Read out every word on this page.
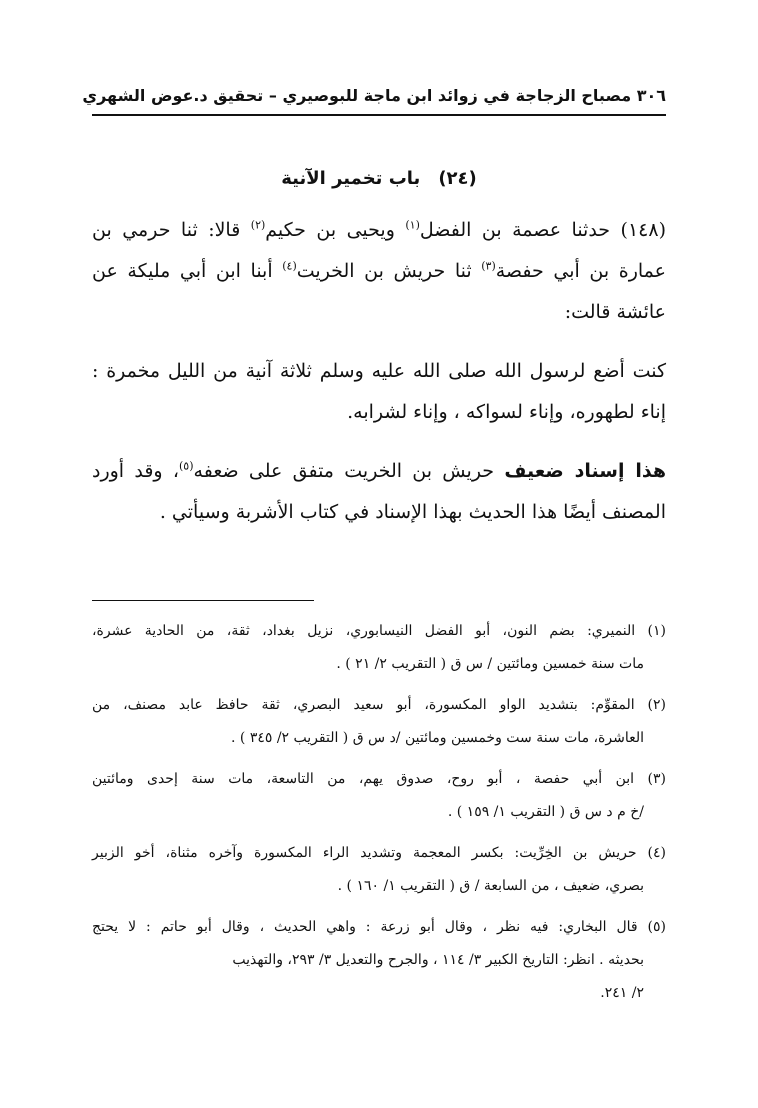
٣٠٦ مصباح الزجاجة في زوائد ابن ماجة للبوصيري – تحقيق د.عوض الشهري
(٢٤)باب تخمير الآنية

(١٤٨) حدثنا عصمة بن الفضل$^{(١)}$ ويحيى بن حكيم$^{(٢)}$ قالا: ثنا حرمي بن عمارة بن أبي حفصة$^{(٣)}$ ثنا حريش بن الخريت$^{(٤)}$ أبنا ابن أبي مليكة عن عائشة قالت:

كنت أضع لرسول الله صلى الله عليه وسلم ثلاثة آنية من الليل مخمرة : إناء لطهوره، وإناء لسواكه ، وإناء لشرابه.

هذا إسناد ضعيف حريش بن الخريت متفق على ضعفه$^{(٥)}$، وقد أورد المصنف أيضًا هذا الحديث بهذا الإسناد في كتاب الأشربة وسيأتي .

(١) النميري: بضم النون، أبو الفضل النيسابوري، نزيل بغداد، ثقة، من الحادية عشرة،
مات سنة خمسين ومائتين / س ق ( التقريب ٢/ ٢١ ) .
(٢) المقوِّم: بتشديد الواو المكسورة، أبو سعيد البصري، ثقة حافظ عابد مصنف، من
العاشرة، مات سنة ست وخمسين ومائتين /د س ق ( التقريب ٢/ ٣٤٥ ) .
(٣) ابن أبي حفصة ، أبو روح، صدوق يهم، من التاسعة، مات سنة إحدى ومائتين
/خ م د س ق ( التقريب ١/ ١٥٩ ) .
(٤) حريش بن الخِرِّيت: بكسر المعجمة وتشديد الراء المكسورة وآخره مثناة، أخو الزبير
بصري، ضعيف ، من السابعة / ق ( التقريب ١/ ١٦٠ ) .
(٥) قال البخاري: فيه نظر ، وقال أبو زرعة : واهي الحديث ، وقال أبو حاتم : لا يحتج
بحديثه . انظر: التاريخ الكبير ٣/ ١١٤ ، والجرح والتعديل ٣/ ٢٩٣، والتهذيب
٢/ ٢٤١.
